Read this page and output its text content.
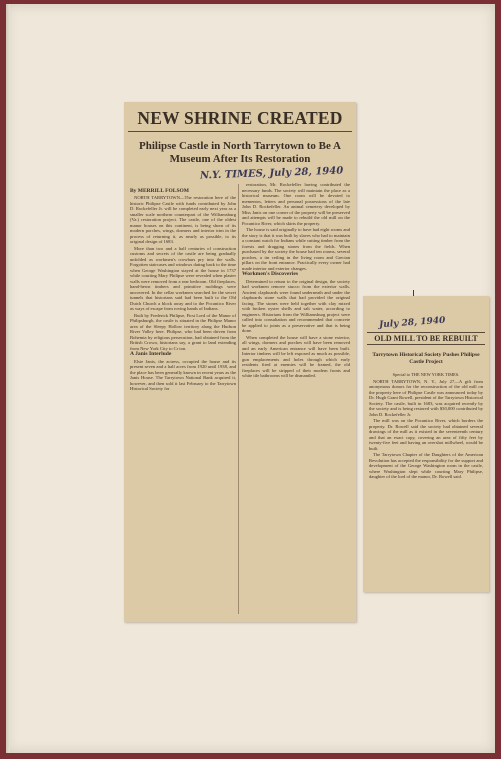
NEW SHRINE CREATED
Philipse Castle in North Tarrytown to Be A Museum After Its Restoration
N.Y. TIMES, July 28, 1940
By MERRILL FOLSOM

NORTH TARRYTOWN—The restoration here of the historic Philipse Castle with funds contributed by John D. Rockefeller Jr. will be completed early next year as a smaller scale northern counterpart of the Williamsburg (Va.) restoration project. The castle, one of the oldest manor houses on this continent, is being shorn of its modern porches, wings, dormers and interior trim in the process of returning it, as nearly as possible, to its original design of 1683.

More than two and a half centuries of construction customs and secrets of the castle are being gradually unfolded as workmen's crowbars pry into the walls. Forgotten staircases and windows dating back to the time when George Washington stayed at the house in 1737 while courting Mary Philipse were revealed when plaster walls were removed from a rear bedroom. Old fireplaces, hand-hewn timbers and primitive moldings were uncovered. In the cellar workmen searched for the secret tunnels that historians said had been built to the Old Dutch Church a block away and to the Pocantico River as ways of escape from roving bands of Indians.

Built by Frederick Philipse, First Lord of the Manor of Philipsburgh, the castle is situated in the Philipse Manor area of the Sleepy Hollow territory along the Hudson River Valley here. Philipse, who had been driven from Bohemia by religious persecution, had obtained from the British Crown, historians say, a grant to land extending from New York City to Cr ton.

A Janis Interlude

Elsie Janis, the actress, occupied the house and its present seven and a half acres from 1920 until 1938, and the place has been generally known in recent years as the Janis House. The Tarrytown National Bank acquired it, however, and then sold it last February to the Tarrytown Historical Society for

restoration, Mr. Rockefeller having contributed the necessary funds. The society will maintain the place as a historical museum. One room will be devoted to mementos, letters and personal possessions of the late John D. Rockefeller. An animal cemetery developed by Miss Janis on one corner of the property will be preserved and attempts will be made to rebuild the old mill on the Pocantico River, which skirts the property.

The house is said originally to have had eight rooms and the story is that it was built by slaves who had to maintain a constant watch for Indians while cutting timber from the forests and dragging stones from the fields. When purchased by the society the house had ten rooms, several porches, a tin ceiling in the living room and Grecian pillars on the front entrance. Practically every owner had made interior and exterior changes.

Workmen's Discoveries

Determined to return to the original design, the society had workmen remove stucco from the exterior walls. Ancient clapboards were found underneath and under the clapboards stone walls that had provided the original facing. The stones were held together with clay mixed with broken oyster shells and salt water, according to engineers. Historians from the Williamsburg project were called into consultation and recommended that concrete be applied to joints as a preservative and that is being done.

When completed the house will have a stone exterior, all wings, dormers and porches will have been removed and an early American entrance will have been built. Interior timbers will be left exposed as much as possible, gun emplacements and holes through which early residents fired at enemies will be framed, the old fireplaces will be stripped of their modern fronts and white tile bathrooms will be dismantled.

July 28, 1940
OLD MILL TO BE REBUILT
Tarrytown Historical Society Pushes Philipse Castle Project

Special to THE NEW YORK TIMES.

NORTH TARRYTOWN, N. Y., July 27—A gift from anonymous donors for the reconstruction of the old mill on the property here of Philipse Castle was announced today by Dr. Hugh Grant Rowell, president of the Tarrytown Historical Society. The castle, built in 1683, was acquired recently by the society and is being restored with $30,000 contributed by John D. Rockefeller Jr.

The mill was on the Pocantico River, which borders the property. Dr. Rowell said the society had obtained several drawings of the mill as it existed in the seventeenth century and that an exact copy, covering an area of fifty feet by twenty-five feet and having an overshot millwheel, would be built.

The Tarrytown Chapter of the Daughters of the American Revolution has accepted the responsibility for the support and development of the George Washington room in the castle, where Washington slept while courting Mary Philipse, daughter of the lord of the manor, Dr. Rowell said.
